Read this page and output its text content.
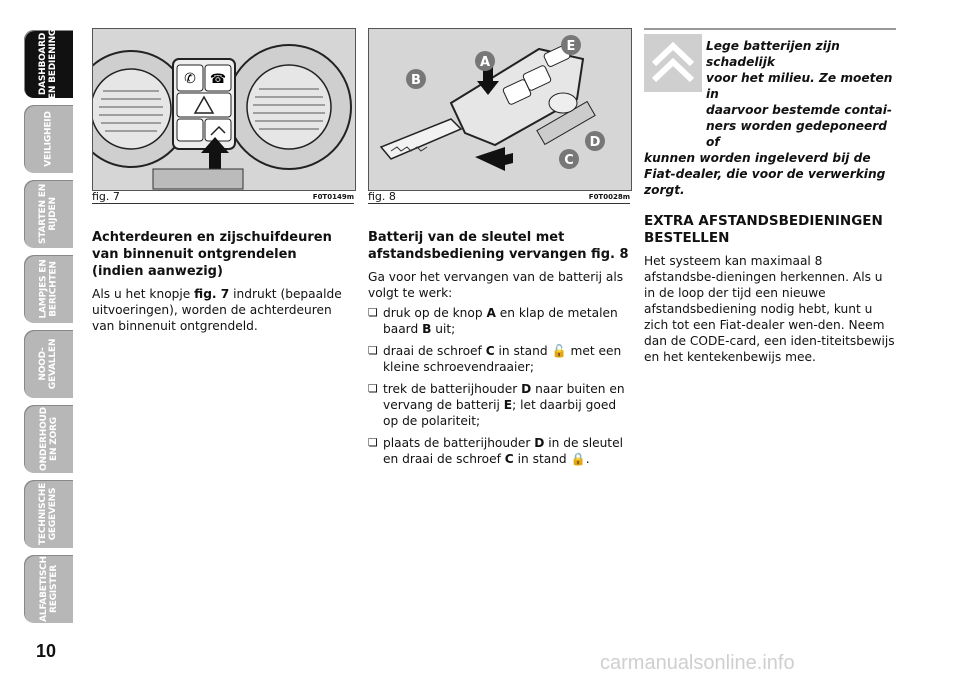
DASHBOARD
EN BEDIENING
VEILIGHEID
STARTEN EN
RIJDEN
LAMPJES EN
BERICHTEN
NOOD-
GEVALLEN
ONDERHOUD
EN ZORG
TECHNISCHE
GEGEVENS
ALFABETISCH
REGISTER
10
✆ ☎
fig. 7	F0T0149m
B
A
E
C
D
fig. 8	F0T0028m
Achterdeuren en zijschuifdeuren van binnenuit ontgrendelen (indien aanwezig)

Als u het knopje fig. 7 indrukt (bepaalde uitvoeringen), worden de achterdeuren van binnenuit ontgrendeld.

Batterij van de sleutel met afstandsbediening vervangen fig. 8

Ga voor het vervangen van de batterij als volgt te werk:

❏ druk op de knop A en klap de metalen baard B uit;
❏ draai de schroef C in stand 🔓 met een kleine schroevendraaier;
❏ trek de batterijhouder D naar buiten en vervang de batterij E; let daarbij goed op de polariteit;
❏ plaats de batterijhouder D in de sleutel en draai de schroef C in stand 🔒.
Lege batterijen zijn schadelijk
voor het milieu. Ze moeten in
daarvoor bestemde contai-
ners worden gedeponeerd of
kunnen worden ingeleverd bij de Fiat-dealer, die voor de verwerking zorgt.
EXTRA AFSTANDSBEDIENINGEN BESTELLEN

Het systeem kan maximaal 8 afstandsbe-dieningen herkennen. Als u in de loop der tijd een nieuwe afstandsbediening nodig hebt, kunt u zich tot een Fiat-dealer wen-den. Neem dan de CODE-card, een iden-titeitsbewijs en het kentekenbewijs mee.

carmanualsonline.info
